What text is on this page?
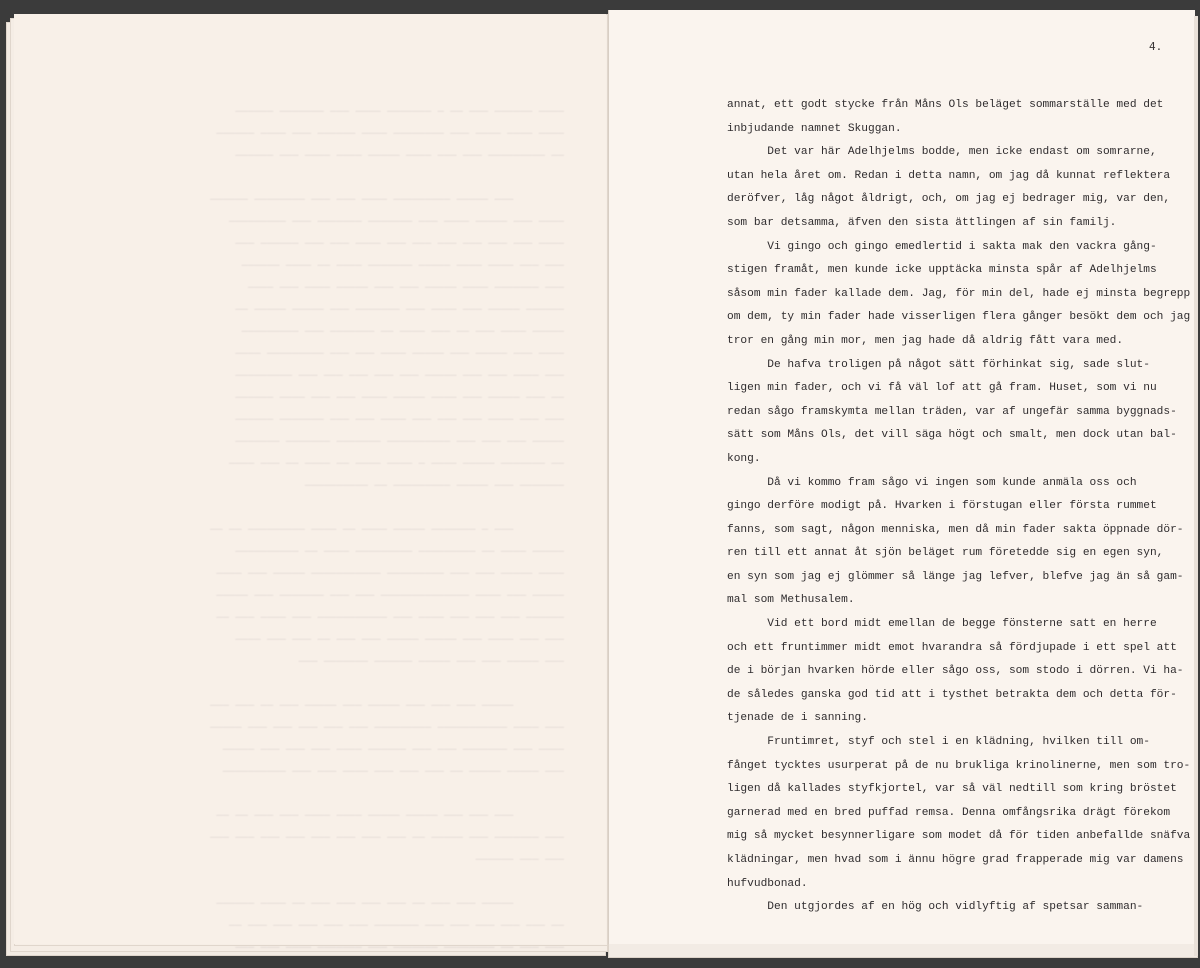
———— —————— ——— —— — ——————— ———— ——— ——————— ——————
———— ———— ———— ——— ———————— ———— —————— ——— ———— ——————
—— ————————— ——— ——— ———— ————— ———— ———— ——— ——————

——— ————— ————————— ———— ——— ——— ———————— ——————
———— ——— ————— ———— ——— ——————— ——————— ——— —————————
———— ——— ——— ——— ——— ——— ——— ———— ——— ——— —————— ———
——— ——— ———— ———— ————— ——————— ———— —— ———— ——————
——— ——————— ———— ————— ——— ——— ————— ———— ——— ————
—————— ————— ——— ———— ——— ——————— ——— ————— ————— ——
————— ———— ——— —— ——— ———— —— ——————— ——— —————————
———— ——— ————— ——— ————— ———— ——— ——— ————————— ————
——— ———— ——— ——— ————— ——— ——— ——— ——— ——— —————————
—— ——— ————— ——— ———— ————— ———— ——— ——— ———— ——————
——— ——— ———— ——— ——— ——— ———— ——— ——— ——————— ——————
————— ——— ——— ——— —————————— ——————— ——————— ———————
—— ——————— ————— ———— — ———— ———— —— ———— —— ——— ————
——————— ——— ————— ————————— —— ——————————

——— — ——————— ————— ———— —— ———— ————————— —— ——
————— ———— —— ————————— ————————— ———— —— ——————————
———— ————— ——— ——— ————————— ——————————— ————— ——— ————
————— ——— ———— —————————————— ——— ——— ——————— ——— —————
—————— ——— ——— ——— ———— ——— ——————————— ——— ———— ——— ——
——— ——— ———— ——— ————— ————— ——— ——— —— ——— ——— ————
——— ————— ——— ——— ————— —————— ——————— ———

————— ——— ——— ——— ————— ——— ————— ——— —— ——— ———
——— ———— ——————————— ————————— ——— ——— ——— ——— ——— —————
———— ——— ——————— ——— ——— —————— ———— ——— ——— ——— —————
——— ————— ————— —— ——— ——— ——— ———— ——— ——— ——————————

——— ——— ——— ————— ————— ———— ———— ——— ——— —— ——
——— ——————— ——— ————— —— ——— ——— ——— ——— ——— ——— ——— ———
——— ——— ——————

————— ——— ——— —— ——— ——— ——— ——— —— ———— ——————
—— ——— ——— ——— ——— ——— ——————— ——— ——— ——— ——— ——— ——
——— ——— —— ———————— ——————— ——— ——————— ———— ——— ———
4.

annat, ett godt stycke från Måns Ols beläget sommarställe med det

inbjudande namnet Skuggan.

Det var här Adelhjelms bodde, men icke endast om somrarne,

utan hela året om. Redan i detta namn, om jag då kunnat reflektera

deröfver, låg något åldrigt, och, om jag ej bedrager mig, var den,

som bar detsamma, äfven den sista ättlingen af sin familj.

Vi gingo och gingo emedlertid i sakta mak den vackra gång-

stigen framåt, men kunde icke upptäcka minsta spår af Adelhjelms

såsom min fader kallade dem. Jag, för min del, hade ej minsta begrepp

om dem, ty min fader hade visserligen flera gånger besökt dem och jag

tror en gång min mor, men jag hade då aldrig fått vara med.

De hafva troligen på något sätt förhinkat sig, sade slut-

ligen min fader, och vi få väl lof att gå fram. Huset, som vi nu

redan sågo framskymta mellan träden, var af ungefär samma byggnads-

sätt som Måns Ols, det vill säga högt och smalt, men dock utan bal-

kong.

Då vi kommo fram sågo vi ingen som kunde anmäla oss och

gingo derföre modigt på. Hvarken i förstugan eller första rummet

fanns, som sagt, någon menniska, men då min fader sakta öppnade dör-

ren till ett annat åt sjön beläget rum företedde sig en egen syn,

en syn som jag ej glömmer så länge jag lefver, blefve jag än så gam-

mal som Methusalem.

Vid ett bord midt emellan de begge fönsterne satt en herre

och ett fruntimmer midt emot hvarandra så fördjupade i ett spel att

de i början hvarken hörde eller sågo oss, som stodo i dörren. Vi ha-

de således ganska god tid att i tysthet betrakta dem och detta för-

tjenade de i sanning.

Fruntimret, styf och stel i en klädning, hvilken till om-

fånget tycktes usurperat på de nu brukliga krinolinerne, men som tro-

ligen då kallades styfkjortel, var så väl nedtill som kring bröstet

garnerad med en bred puffad remsa. Denna omfångsrika drägt förekom

mig så mycket besynnerligare som modet då för tiden anbefallde snäfva

klädningar, men hvad som i ännu högre grad frapperade mig var damens

hufvudbonad.

Den utgjordes af en hög och vidlyftig af spetsar samman-
